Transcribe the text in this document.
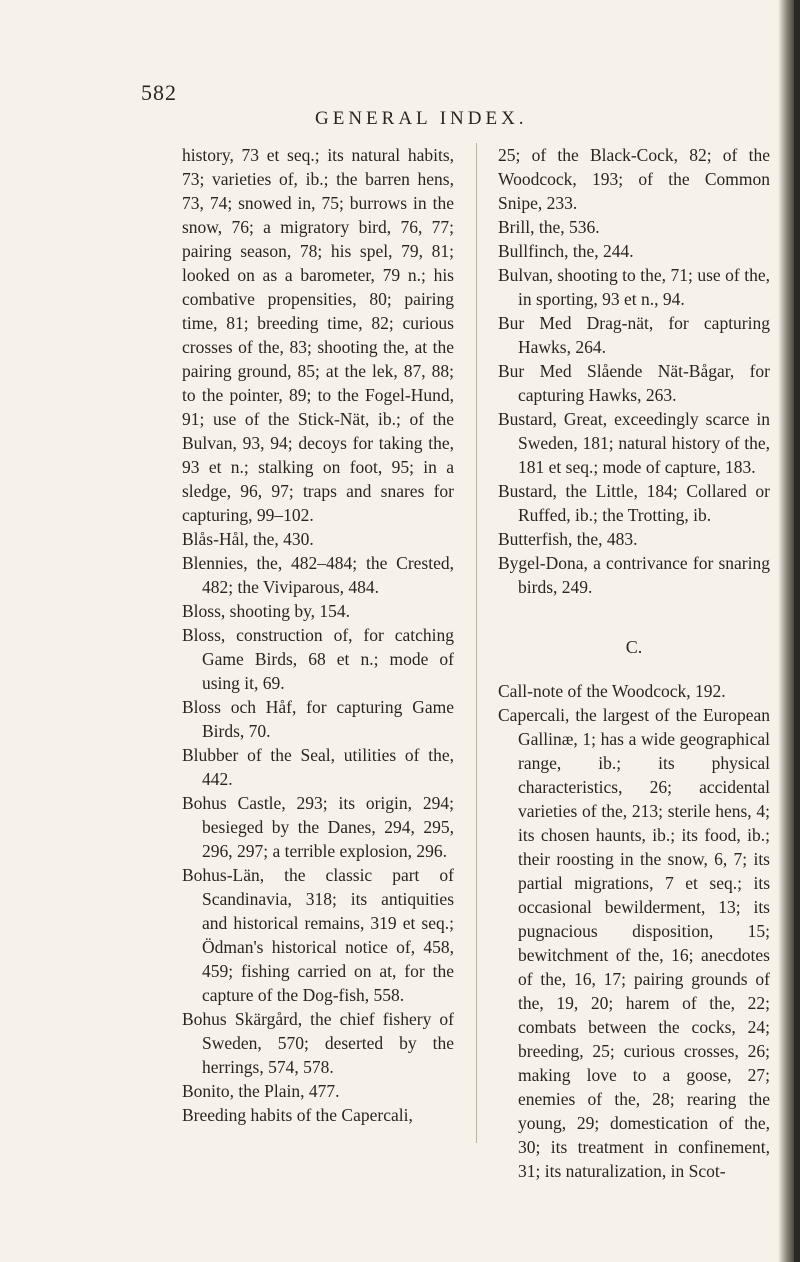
582
GENERAL INDEX.

history, 73 et seq.; its natural habits, 73; varieties of, ib.; the barren hens, 73, 74; snowed in, 75; burrows in the snow, 76; a migratory bird, 76, 77; pairing season, 78; his spel, 79, 81; looked on as a barometer, 79 n.; his combative propensities, 80; pairing time, 81; breeding time, 82; curious crosses of the, 83; shooting the, at the pairing ground, 85; at the lek, 87, 88; to the pointer, 89; to the Fogel-Hund, 91; use of the Stick-Nät, ib.; of the Bulvan, 93, 94; decoys for taking the, 93 et n.; stalking on foot, 95; in a sledge, 96, 97; traps and snares for capturing, 99–102.

Blås-Hål, the, 430.

Blennies, the, 482–484; the Crested, 482; the Viviparous, 484.

Bloss, shooting by, 154.

Bloss, construction of, for catching Game Birds, 68 et n.; mode of using it, 69.

Bloss och Håf, for capturing Game Birds, 70.

Blubber of the Seal, utilities of the, 442.

Bohus Castle, 293; its origin, 294; besieged by the Danes, 294, 295, 296, 297; a terrible explosion, 296.

Bohus-Län, the classic part of Scandinavia, 318; its antiquities and historical remains, 319 et seq.; Ödman's historical notice of, 458, 459; fishing carried on at, for the capture of the Dog-fish, 558.

Bohus Skärgård, the chief fishery of Sweden, 570; deserted by the herrings, 574, 578.

Bonito, the Plain, 477.

Breeding habits of the Capercali,

25; of the Black-Cock, 82; of the Woodcock, 193; of the Common Snipe, 233.

Brill, the, 536.

Bullfinch, the, 244.

Bulvan, shooting to the, 71; use of the, in sporting, 93 et n., 94.

Bur Med Drag-nät, for capturing Hawks, 264.

Bur Med Slående Nät-Bågar, for capturing Hawks, 263.

Bustard, Great, exceedingly scarce in Sweden, 181; natural history of the, 181 et seq.; mode of capture, 183.

Bustard, the Little, 184; Collared or Ruffed, ib.; the Trotting, ib.

Butterfish, the, 483.

Bygel-Dona, a contrivance for snaring birds, 249.

C.

Call-note of the Woodcock, 192.

Capercali, the largest of the European Gallinæ, 1; has a wide geographical range, ib.; its physical characteristics, 26; accidental varieties of the, 213; sterile hens, 4; its chosen haunts, ib.; its food, ib.; their roosting in the snow, 6, 7; its partial migrations, 7 et seq.; its occasional bewilderment, 13; its pugnacious disposition, 15; bewitchment of the, 16; anecdotes of the, 16, 17; pairing grounds of the, 19, 20; harem of the, 22; combats between the cocks, 24; breeding, 25; curious crosses, 26; making love to a goose, 27; enemies of the, 28; rearing the young, 29; domestication of the, 30; its treatment in confinement, 31; its naturalization, in Scot-
